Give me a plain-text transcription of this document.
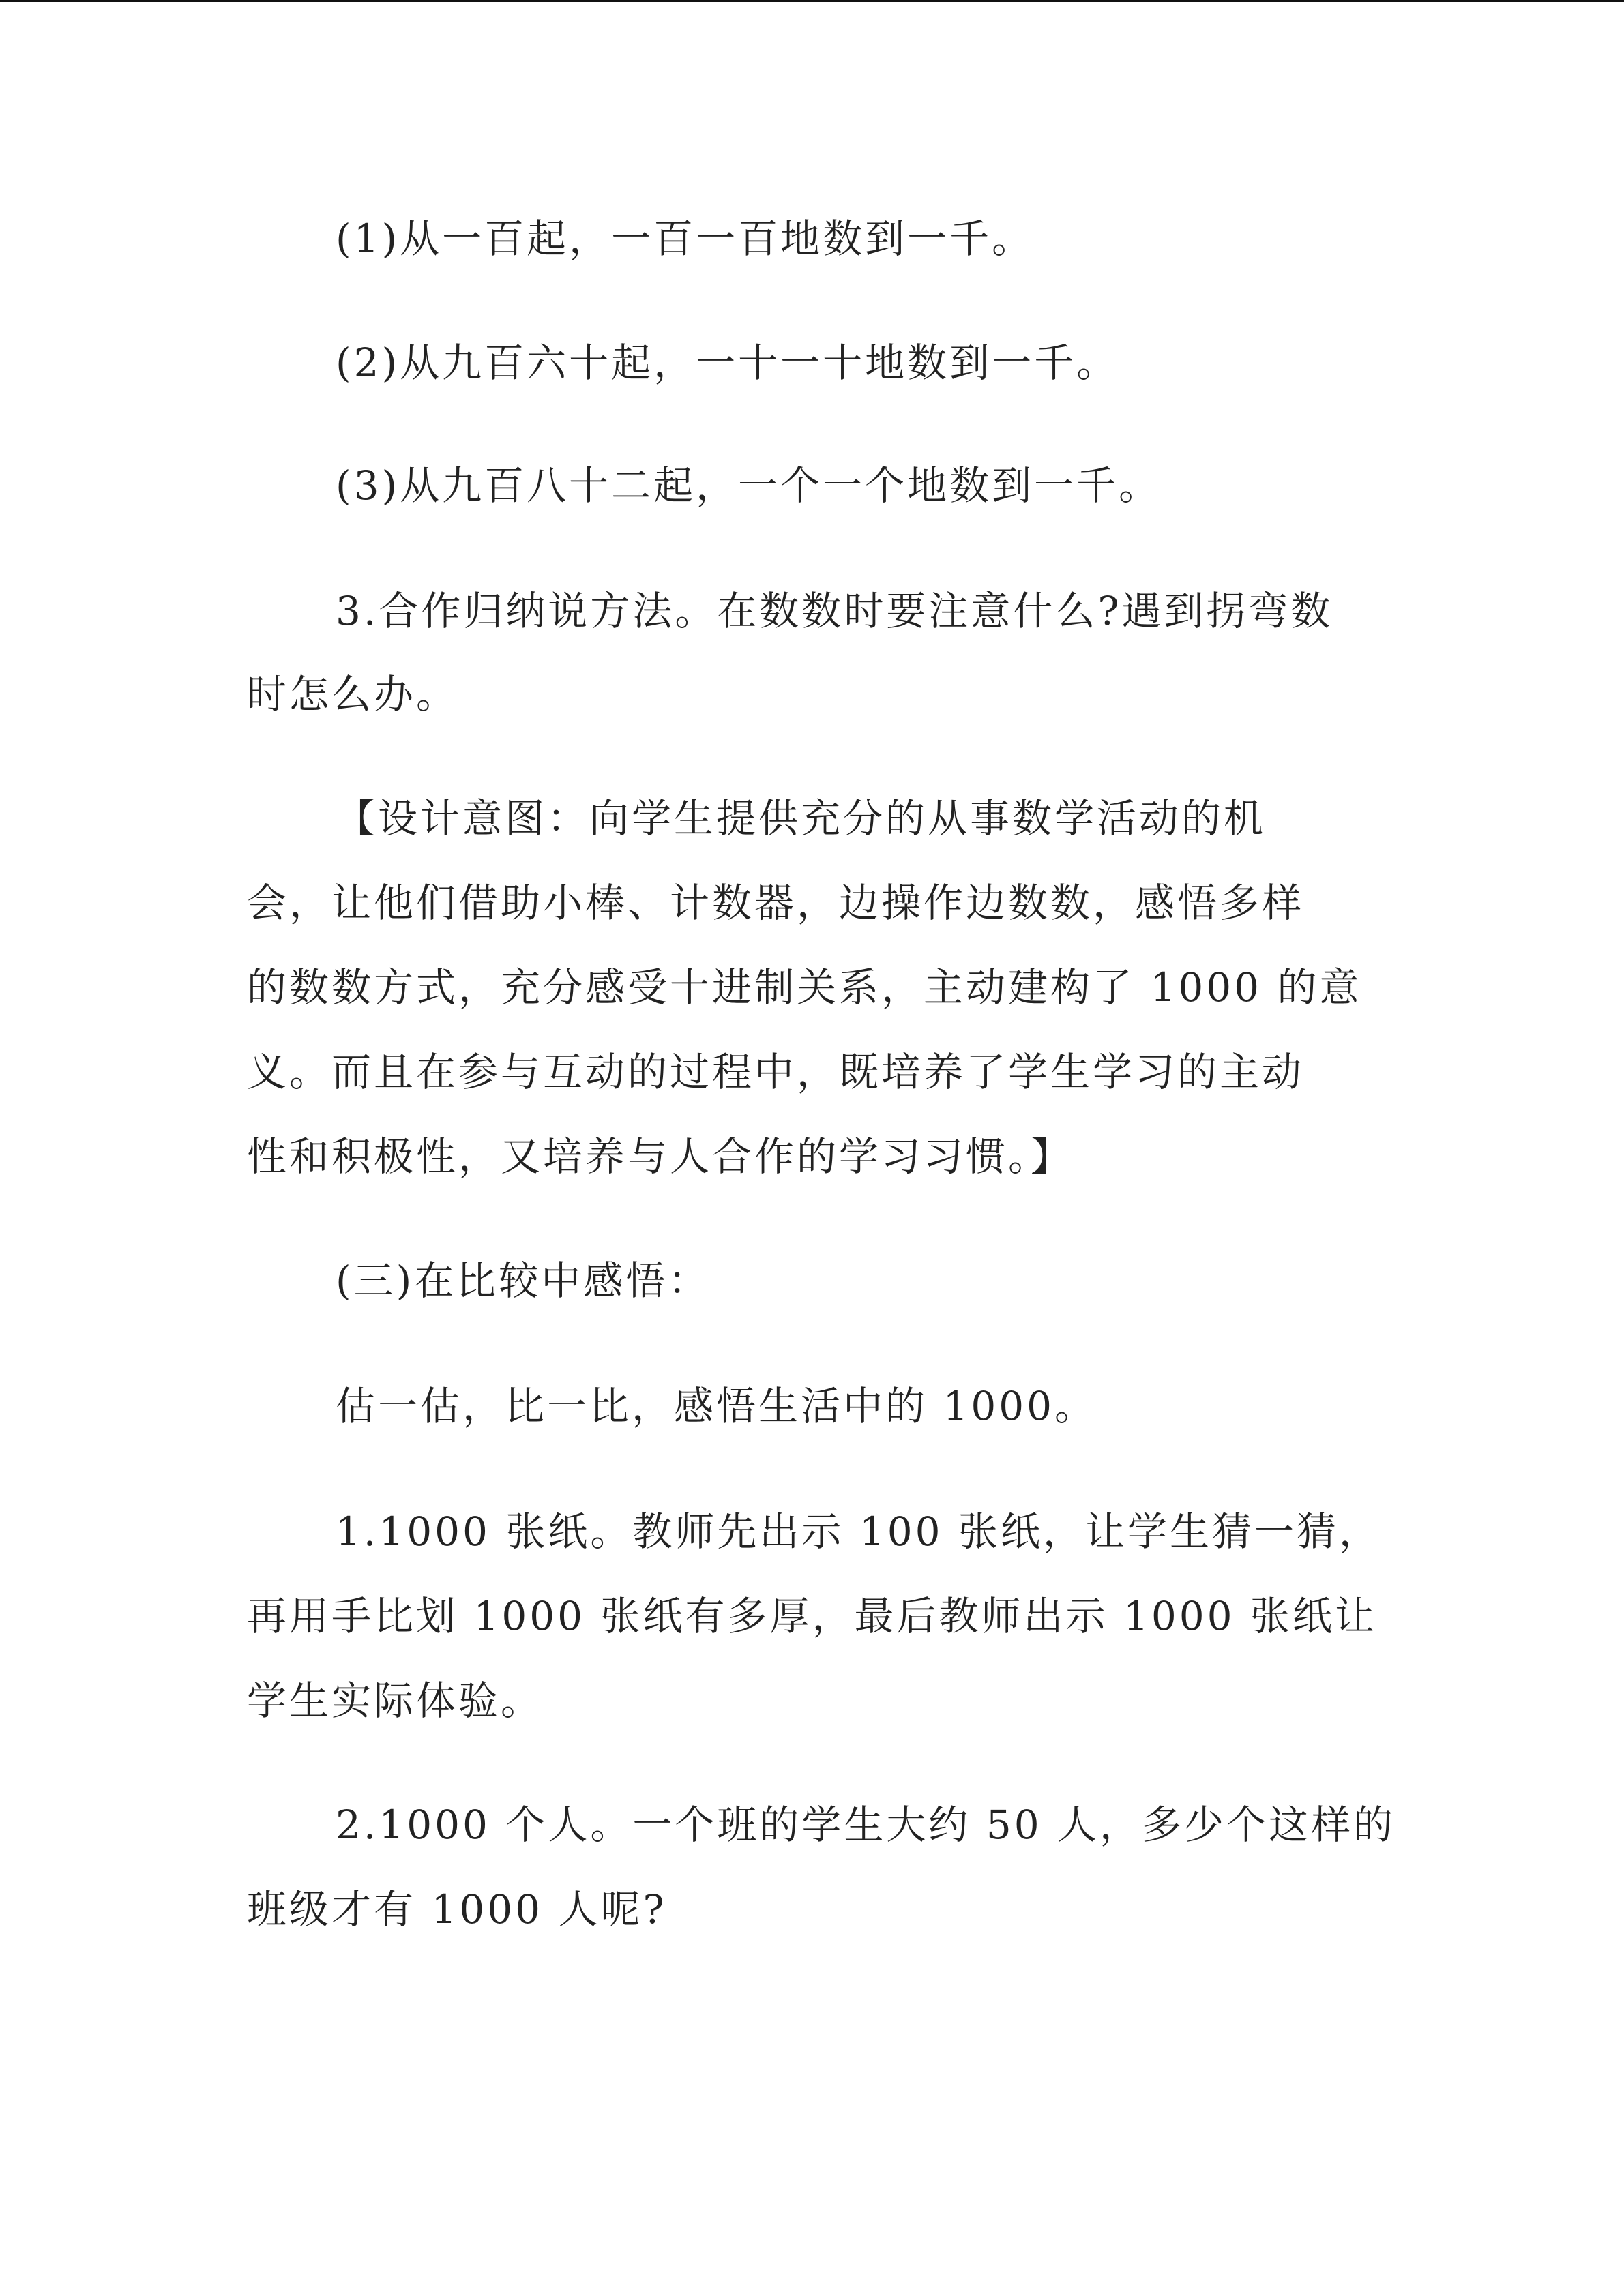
(1)从一百起，一百一百地数到一千。
(2)从九百六十起，一十一十地数到一千。
(3)从九百八十二起，一个一个地数到一千。
3.合作归纳说方法。在数数时要注意什么?遇到拐弯数
时怎么办。
【设计意图：向学生提供充分的从事数学活动的机
会，让他们借助小棒、计数器，边操作边数数，感悟多样
的数数方式，充分感受十进制关系，主动建构了 1000 的意
义。而且在参与互动的过程中，既培养了学生学习的主动
性和积极性，又培养与人合作的学习习惯。】
(三)在比较中感悟：
估一估，比一比，感悟生活中的 1000。
1.1000 张纸。教师先出示 100 张纸，让学生猜一猜，
再用手比划 1000 张纸有多厚，最后教师出示 1000 张纸让
学生实际体验。
2.1000 个人。一个班的学生大约 50 人，多少个这样的
班级才有 1000 人呢?
